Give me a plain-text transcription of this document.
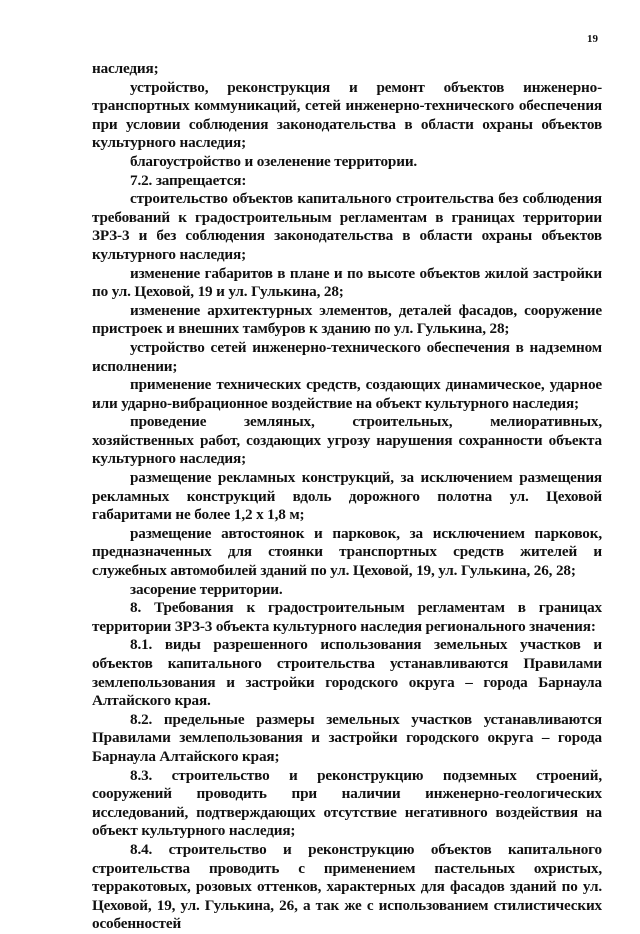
19

наследия;

устройство, реконструкция и ремонт объектов инженерно-транспортных коммуникаций, сетей инженерно-технического обеспечения при условии соблюдения законодательства в области охраны объектов культурного наследия;

благоустройство и озеленение территории.

7.2. запрещается:

строительство объектов капитального строительства без соблюдения требований к градостроительным регламентам в границах территории ЗРЗ-3 и без соблюдения законодательства в области охраны объектов культурного наследия;

изменение габаритов в плане и по высоте объектов жилой застройки по ул. Цеховой, 19 и ул. Гулькина, 28;

изменение архитектурных элементов, деталей фасадов, сооружение пристроек и внешних тамбуров к зданию по ул. Гулькина, 28;

устройство сетей инженерно-технического обеспечения в надземном исполнении;

применение технических средств, создающих динамическое, ударное или ударно-вибрационное воздействие на объект культурного наследия;

проведение земляных, строительных, мелиоративных, хозяйственных работ, создающих угрозу нарушения сохранности объекта культурного наследия;

размещение рекламных конструкций, за исключением размещения рекламных конструкций вдоль дорожного полотна ул. Цеховой габаритами не более 1,2 х 1,8 м;

размещение автостоянок и парковок, за исключением парковок, предназначенных для стоянки транспортных средств жителей и служебных автомобилей зданий по ул. Цеховой, 19, ул. Гулькина, 26, 28;

засорение территории.

8. Требования к градостроительным регламентам в границах территории ЗРЗ-3 объекта культурного наследия регионального значения:

8.1. виды разрешенного использования земельных участков и объектов капитального строительства устанавливаются Правилами землепользования и застройки городского округа – города Барнаула Алтайского края.

8.2. предельные размеры земельных участков устанавливаются Правилами землепользования и застройки городского округа – города Барнаула Алтайского края;

8.3. строительство и реконструкцию подземных строений, сооружений проводить при наличии инженерно-геологических исследований, подтверждающих отсутствие негативного воздействия на объект культурного наследия;

8.4. строительство и реконструкцию объектов капитального строительства проводить с применением пастельных охристых, терракотовых, розовых оттенков, характерных для фасадов зданий по ул. Цеховой, 19, ул. Гулькина, 26, а так же с использованием стилистических особенностей
